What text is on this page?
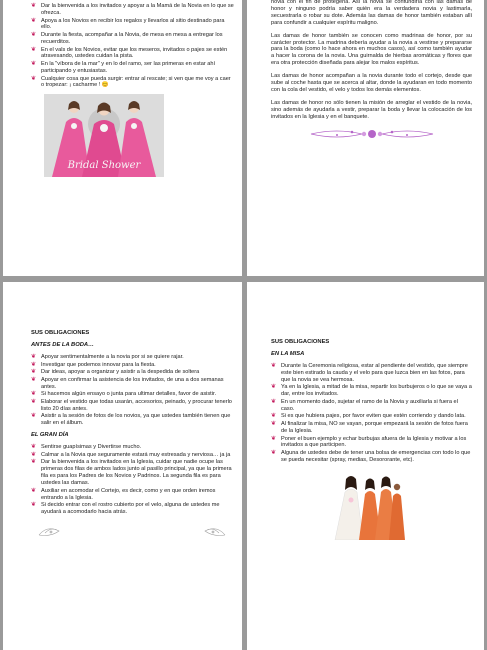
❦ Dar la bienvenida a los invitados y apoyar a la Mamá de la Novia en lo que se ofrezca.
❦ Apoya a los Novios en recibir los regalos y llevarlos al sitio destinado para ello.
❦ Durante la fiesta, acompañar a la Novia, de mesa en mesa a entregar los recuerditos.
❦ En el vals de los Novios, evitar que los meseros, invitados o pajes se estén atravesando, ustedes cuidan la pista.
❦ En la "víbora de la mar" y en lo del ramo, ser las primeras en estar ahí participando y entusiastas.
❦ Cualquier cosa que pueda surgir: entrar al rescate; si ven que me voy a caer o tropezar: ¡ cacharme ! 😊
Bridal Shower

novia con el fin de protegerla. Así la novia se confundiría con las damas de honor y ninguno podría saber quién era la verdadera novia y lastimarla, secuestrarla o robar su dote. Además las damas de honor también estaban allí para confundir a cualquier espíritu maligno.

Las damas de honor también se conocen como madrinas de honor, por su carácter protector. La madrina debería ayudar a la novia a vestirse y prepararse para la boda (como lo hace ahora en muchos casos), así como también ayudar a hacer la corona de la novia. Una guirnalda de hierbas aromáticas y flores que era otra protección diseñada para alejar los malos espíritus.

Las damas de honor acompañan a la novia durante todo el cortejo, desde que sube al coche hasta que se acerca al altar, donde la ayudaran en todo momento con la cola del vestido, el velo y todos los demás elementos.

Las damas de honor no sólo tienen la misión de arreglar el vestido de la novia, sino además de ayudarla a vestir, preparar la boda y llevar la colocación de los invitados en la Iglesia y en el banquete.

SUS OBLIGACIONES
ANTES DE LA BODA…
❦ Apoyar sentimentalmente a la novia por si se quiere rajar.
❦ Investigar que podemos innovar para la fiesta.
❦ Dar ideas, apoyar a organizar y asistir a la despedida de soltera
❦ Apoyar en confirmar la asistencia de los invitados, de una a dos semanas antes.
❦ Si hacemos algún ensayo o junta para ultimar detalles, favor de asistir.
❦ Elaborar el vestido que todas usarán, accesorios, peinado, y procurar tenerlo listo 20 días antes.
❦ Asistir a la sesión de fotos de los novios, ya que ustedes también tienen que salir en el álbum.
EL GRAN DÍA
❦ Sentirse guapísimas y Divertirse mucho.
❦ Calmar a la Novia que seguramente estará muy estresada y nerviosa… ja ja
❦ Dar la bienvenida a los invitados en la Iglesia, cuidar que nadie ocupe las primeras dos filas de ambos lados junto al pasillo principal, ya que la primera fila es para los Padres de los Novios y Padrinos. La segunda fila es para ustedes las damas.
❦ Auxiliar en acomodar el Cortejo, es decir, como y en que orden iremos entrando a la Iglesia.
❦ Si decido entrar con el rostro cubierto por el velo, alguna de ustedes me ayudará a acomodarlo hacia atrás.
SUS OBLIGACIONES
EN LA MISA
❦ Durante la Ceremonia religiosa, estar al pendiente del vestido, que siempre este bien estirado la cauda y el velo para que luzca bien en las fotos, para que la novia se vea hermosa.
❦ Ya en la Iglesia, a mitad de la misa, repartir los burbujeros o lo que se vaya a dar, entre los invitados.
❦ En un momento dado, sujetar el ramo de la Novia y auxiliarla si fuera el caso.
❦ Si es que hubiera pajes, por favor eviten que estén corriendo y dando lata.
❦ Al finalizar la misa, NO se vayan, porque empezará la sesión de fotos fuera de la Iglesia.
❦ Poner el buen ejemplo y echar burbujas afuera de la Iglesia y motivar a los invitados a que participen.
❦ Alguna de ustedes debe de tener una bolsa de emergencias con todo lo que se pueda necesitar (spray, medias, Desororante, etc).
